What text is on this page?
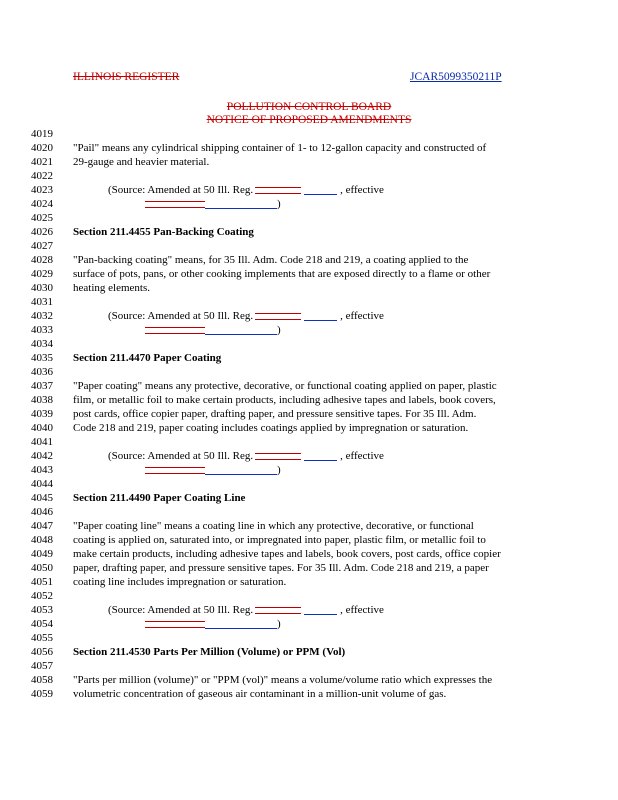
ILLINOIS REGISTER	JCAR5099350211P
POLLUTION CONTROL BOARD
NOTICE OF PROPOSED AMENDMENTS
4019
4020
4021
4022
4023
4024
4025
4026
4027
4028
4029
4030
4031
4032
4033
4034
4035
4036
4037
4038
4039
4040
4041
4042
4043
4044
4045
4046
4047
4048
4049
4050
4051
4052
4053
4054
4055
4056
4057
4058
4059
"Pail" means any cylindrical shipping container of 1- to 12-gallon capacity and constructed of
29-gauge and heavier material.
(Source: Amended at 50 Ill. Reg.	, effective
)
Section 211.4455 Pan-Backing Coating
"Pan-backing coating" means, for 35 Ill. Adm. Code 218 and 219, a coating applied to the
surface of pots, pans, or other cooking implements that are exposed directly to a flame or other
heating elements.
(Source: Amended at 50 Ill. Reg.	, effective
)
Section 211.4470 Paper Coating
"Paper coating" means any protective, decorative, or functional coating applied on paper, plastic
film, or metallic foil to make certain products, including adhesive tapes and labels, book covers,
post cards, office copier paper, drafting paper, and pressure sensitive tapes. For 35 Ill. Adm.
Code 218 and 219, paper coating includes coatings applied by impregnation or saturation.
(Source: Amended at 50 Ill. Reg.	, effective
)
Section 211.4490 Paper Coating Line
"Paper coating line" means a coating line in which any protective, decorative, or functional
coating is applied on, saturated into, or impregnated into paper, plastic film, or metallic foil to
make certain products, including adhesive tapes and labels, book covers, post cards, office copier
paper, drafting paper, and pressure sensitive tapes. For 35 Ill. Adm. Code 218 and 219, a paper
coating line includes impregnation or saturation.
(Source: Amended at 50 Ill. Reg.	, effective
)
Section 211.4530 Parts Per Million (Volume) or PPM (Vol)
"Parts per million (volume)" or "PPM (vol)" means a volume/volume ratio which expresses the
volumetric concentration of gaseous air contaminant in a million-unit volume of gas.
